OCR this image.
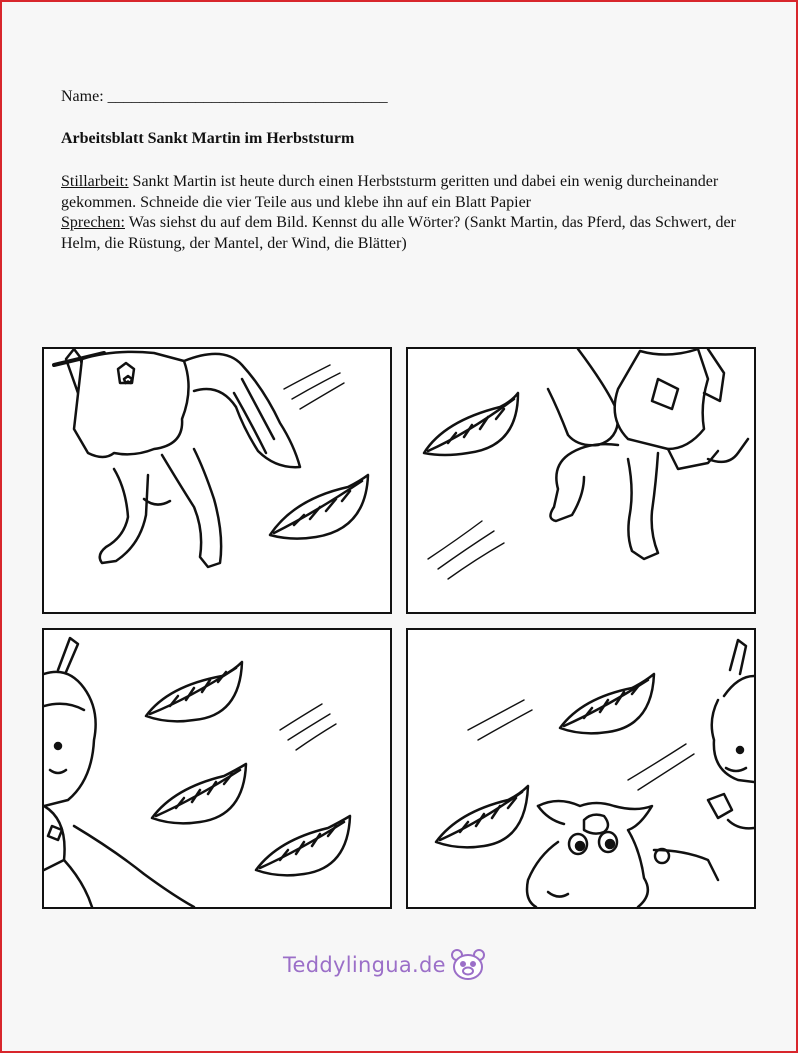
Name: ___________________________________
Arbeitsblatt Sankt Martin im Herbststurm
Stillarbeit: Sankt Martin ist heute durch einen Herbststurm geritten und dabei ein wenig durcheinander gekommen. Schneide die vier Teile aus und klebe ihn auf ein Blatt Papier
Sprechen: Was siehst du auf dem Bild. Kennst du alle Wörter? (Sankt Martin, das Pferd, das Schwert, der Helm, die Rüstung, der Mantel, der Wind, die Blätter)
Teddylingua.de
